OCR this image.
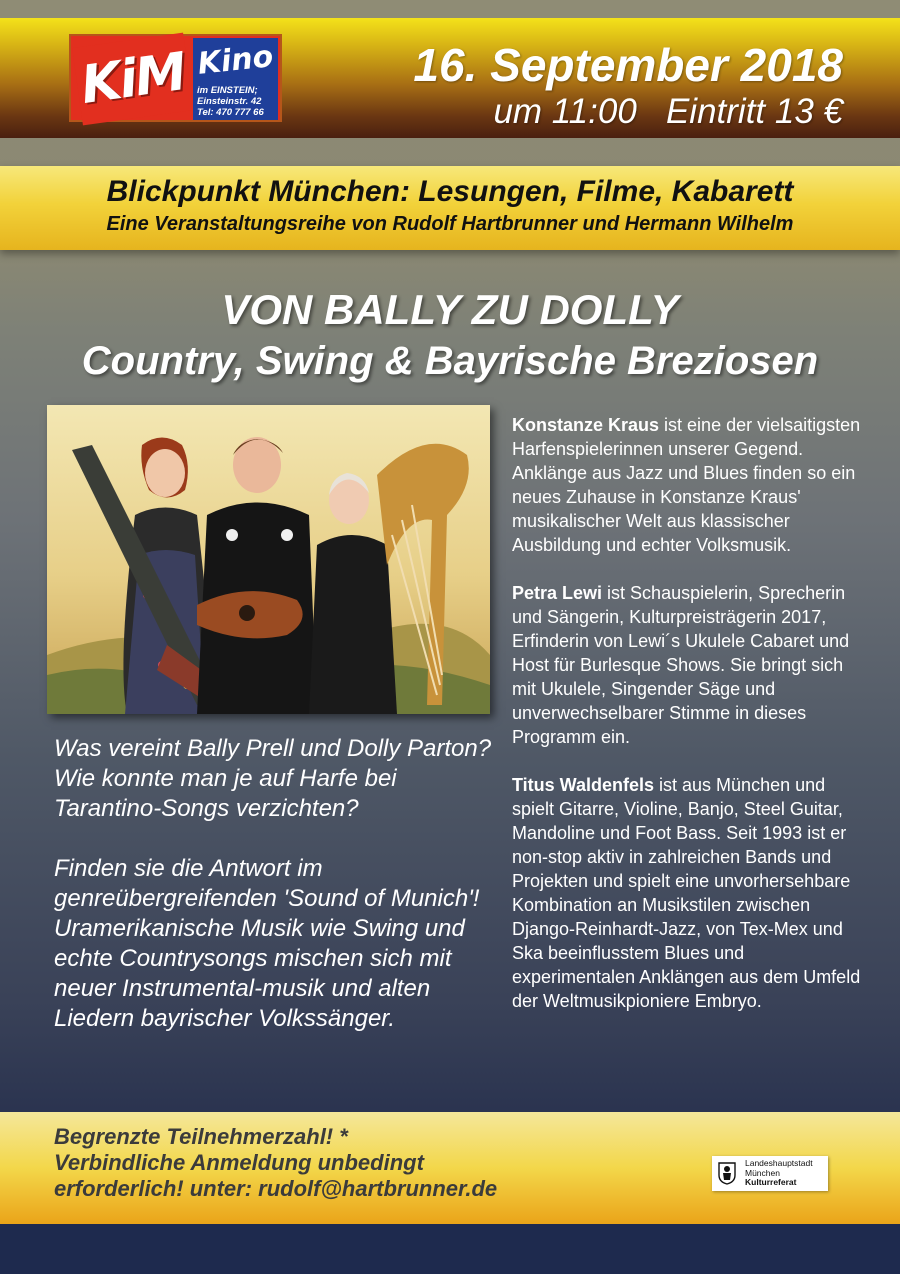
KiM Kino
im EINSTEIN;
Einsteinstr. 42
Tel: 470 777 66
16. September 2018
um 11:00   Eintritt 13 €
Blickpunkt München: Lesungen, Filme, Kabarett
Eine Veranstaltungsreihe von Rudolf Hartbrunner und Hermann Wilhelm
VON BALLY ZU DOLLY
Country, Swing & Bayrische Breziosen

Was vereint Bally Prell und Dolly Parton? Wie konnte man je auf Harfe bei Tarantino-Songs verzichten?

Finden sie die Antwort im genreübergreifenden 'Sound of Munich'! Uramerikanische Musik wie Swing und echte Countrysongs mischen sich mit neuer Instrumental-musik und alten Liedern bayrischer Volkssänger.

Konstanze Kraus ist eine der vielsaitigsten Harfenspielerinnen unserer Gegend. Anklänge aus Jazz und Blues finden so ein neues Zuhause in Konstanze Kraus' musikalischer Welt aus klassischer Ausbildung und echter Volksmusik.

Petra Lewi ist Schauspielerin, Sprecherin und Sängerin, Kulturpreisträgerin 2017, Erfinderin von Lewi´s Ukulele Cabaret und Host für Burlesque Shows. Sie bringt sich mit Ukulele, Singender Säge und unverwechselbarer Stimme in dieses Programm ein.

Titus Waldenfels ist aus München und spielt Gitarre, Violine, Banjo, Steel Guitar, Mandoline und Foot Bass. Seit 1993 ist er non-stop aktiv in zahlreichen Bands und Projekten und spielt eine unvorhersehbare Kombination an Musikstilen zwischen Django-Reinhardt-Jazz, von Tex-Mex und Ska beeinflusstem Blues und experimentalen Anklängen aus dem Umfeld der Weltmusikpioniere Embryo.

Begrenzte Teilnehmerzahl! *
Verbindliche Anmeldung unbedingt
erforderlich! unter: rudolf@hartbrunner.de
Landeshauptstadt
München
Kulturreferat
